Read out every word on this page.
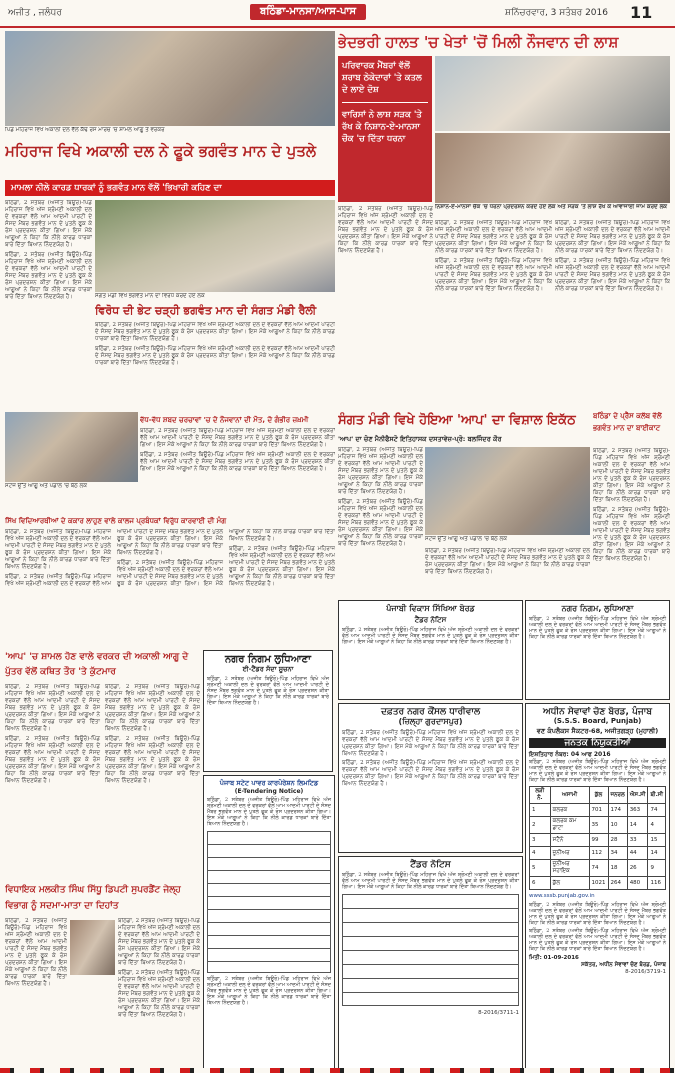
ਅਜੀਤ , ਜਲੰਧਰ	ਬਠਿੰਡਾ-ਮਾਨਸਾ/ਆਸ-ਪਾਸ	ਸ਼ਨਿੱਚਰਵਾਰ, 3 ਸਤੰਬਰ 2016 11
ਪਿੰਡ ਮਹਿਰਾਜ ਵਿਖੇ ਅਕਾਲੀ ਦਲ ਵੱਲੋਂ ਕੱਢੇ ਰੋਸ ਮਾਰਚ 'ਚ ਸ਼ਾਮਲ ਆਗੂ ਤੇ ਵਰਕਰ
ਭੇਦਭਰੀ ਹਾਲਤ 'ਚ ਖੇਤਾਂ 'ਚੋਂ ਮਿਲੀ ਨੌਜਵਾਨ ਦੀ ਲਾਸ਼
ਪਰਿਵਾਰਕ ਮੈਂਬਰਾਂ ਵੱਲੋਂ ਸ਼ਰਾਬ ਠੇਕੇਦਾਰਾਂ 'ਤੇ ਕਤਲ ਦੇ ਲਾਏ ਦੋਸ਼
ਵਾਰਿਸਾਂ ਨੇ ਲਾਸ਼ ਸੜਕ 'ਤੇ ਰੱਖ ਕੇ ਨਿਸ਼ਾਨ-ਏ-ਮਾਨਸਾ ਚੌਕ 'ਚ ਦਿੱਤਾ ਧਰਨਾ
ਨਿਸ਼ਾਨ-ਏ-ਮਾਨਸਾ ਚੌਕ 'ਚ ਧਰਨਾ ਪ੍ਰਦਰਸ਼ਨ ਕਰਦੇ ਹੋਏ ਲੋਕ ਅਤੇ ਸੜਕ 'ਤੇ ਲਾਸ਼ ਰੱਖ ਕੇ ਆਵਾਜਾਈ ਜਾਮ ਕਰਦੇ ਲੋਕ

ਬਠਿੰਡਾ, 2 ਸਤੰਬਰ (ਅਜੀਤ ਬਿਊਰੋ)-ਪਿੰਡ ਮਹਿਰਾਜ ਵਿਖੇ ਅੱਜ ਸ਼੍ਰੋਮਣੀ ਅਕਾਲੀ ਦਲ ਦੇ ਵਰਕਰਾਂ ਵੱਲੋਂ ਆਮ ਆਦਮੀ ਪਾਰਟੀ ਦੇ ਸੰਸਦ ਮੈਂਬਰ ਭਗਵੰਤ ਮਾਨ ਦੇ ਪੁਤਲੇ ਫੂਕ ਕੇ ਰੋਸ ਪ੍ਰਦਰਸ਼ਨ ਕੀਤਾ ਗਿਆ। ਇਸ ਮੌਕੇ ਆਗੂਆਂ ਨੇ ਕਿਹਾ ਕਿ ਨੀਲੇ ਕਾਰਡ ਧਾਰਕਾਂ ਬਾਰੇ ਦਿੱਤਾ ਬਿਆਨ ਨਿੰਦਣਯੋਗ ਹੈ।

ਬਠਿੰਡਾ, 2 ਸਤੰਬਰ (ਅਜੀਤ ਬਿਊਰੋ)-ਪਿੰਡ ਮਹਿਰਾਜ ਵਿਖੇ ਅੱਜ ਸ਼੍ਰੋਮਣੀ ਅਕਾਲੀ ਦਲ ਦੇ ਵਰਕਰਾਂ ਵੱਲੋਂ ਆਮ ਆਦਮੀ ਪਾਰਟੀ ਦੇ ਸੰਸਦ ਮੈਂਬਰ ਭਗਵੰਤ ਮਾਨ ਦੇ ਪੁਤਲੇ ਫੂਕ ਕੇ ਰੋਸ ਪ੍ਰਦਰਸ਼ਨ ਕੀਤਾ ਗਿਆ। ਇਸ ਮੌਕੇ ਆਗੂਆਂ ਨੇ ਕਿਹਾ ਕਿ ਨੀਲੇ ਕਾਰਡ ਧਾਰਕਾਂ ਬਾਰੇ ਦਿੱਤਾ ਬਿਆਨ ਨਿੰਦਣਯੋਗ ਹੈ।

ਬਠਿੰਡਾ, 2 ਸਤੰਬਰ (ਅਜੀਤ ਬਿਊਰੋ)-ਪਿੰਡ ਮਹਿਰਾਜ ਵਿਖੇ ਅੱਜ ਸ਼੍ਰੋਮਣੀ ਅਕਾਲੀ ਦਲ ਦੇ ਵਰਕਰਾਂ ਵੱਲੋਂ ਆਮ ਆਦਮੀ ਪਾਰਟੀ ਦੇ ਸੰਸਦ ਮੈਂਬਰ ਭਗਵੰਤ ਮਾਨ ਦੇ ਪੁਤਲੇ ਫੂਕ ਕੇ ਰੋਸ ਪ੍ਰਦਰਸ਼ਨ ਕੀਤਾ ਗਿਆ। ਇਸ ਮੌਕੇ ਆਗੂਆਂ ਨੇ ਕਿਹਾ ਕਿ ਨੀਲੇ ਕਾਰਡ ਧਾਰਕਾਂ ਬਾਰੇ ਦਿੱਤਾ ਬਿਆਨ ਨਿੰਦਣਯੋਗ ਹੈ।

ਬਠਿੰਡਾ, 2 ਸਤੰਬਰ (ਅਜੀਤ ਬਿਊਰੋ)-ਪਿੰਡ ਮਹਿਰਾਜ ਵਿਖੇ ਅੱਜ ਸ਼੍ਰੋਮਣੀ ਅਕਾਲੀ ਦਲ ਦੇ ਵਰਕਰਾਂ ਵੱਲੋਂ ਆਮ ਆਦਮੀ ਪਾਰਟੀ ਦੇ ਸੰਸਦ ਮੈਂਬਰ ਭਗਵੰਤ ਮਾਨ ਦੇ ਪੁਤਲੇ ਫੂਕ ਕੇ ਰੋਸ ਪ੍ਰਦਰਸ਼ਨ ਕੀਤਾ ਗਿਆ। ਇਸ ਮੌਕੇ ਆਗੂਆਂ ਨੇ ਕਿਹਾ ਕਿ ਨੀਲੇ ਕਾਰਡ ਧਾਰਕਾਂ ਬਾਰੇ ਦਿੱਤਾ ਬਿਆਨ ਨਿੰਦਣਯੋਗ ਹੈ।

ਬਠਿੰਡਾ, 2 ਸਤੰਬਰ (ਅਜੀਤ ਬਿਊਰੋ)-ਪਿੰਡ ਮਹਿਰਾਜ ਵਿਖੇ ਅੱਜ ਸ਼੍ਰੋਮਣੀ ਅਕਾਲੀ ਦਲ ਦੇ ਵਰਕਰਾਂ ਵੱਲੋਂ ਆਮ ਆਦਮੀ ਪਾਰਟੀ ਦੇ ਸੰਸਦ ਮੈਂਬਰ ਭਗਵੰਤ ਮਾਨ ਦੇ ਪੁਤਲੇ ਫੂਕ ਕੇ ਰੋਸ ਪ੍ਰਦਰਸ਼ਨ ਕੀਤਾ ਗਿਆ। ਇਸ ਮੌਕੇ ਆਗੂਆਂ ਨੇ ਕਿਹਾ ਕਿ ਨੀਲੇ ਕਾਰਡ ਧਾਰਕਾਂ ਬਾਰੇ ਦਿੱਤਾ ਬਿਆਨ ਨਿੰਦਣਯੋਗ ਹੈ।

ਮਹਿਰਾਜ ਵਿਖੇ ਅਕਾਲੀ ਦਲ ਨੇ ਫੂਕੇ ਭਗਵੰਤ ਮਾਨ ਦੇ ਪੁਤਲੇ
ਮਾਮਲਾ ਨੀਲੇ ਕਾਰਡ ਧਾਰਕਾਂ ਨੂੰ ਭਗਵੰਤ ਮਾਨ ਵੱਲੋਂ 'ਭਿਖਾਰੀ ਕਹਿਣ ਦਾ

ਬਠਿੰਡਾ, 2 ਸਤੰਬਰ (ਅਜੀਤ ਬਿਊਰੋ)-ਪਿੰਡ ਮਹਿਰਾਜ ਵਿਖੇ ਅੱਜ ਸ਼੍ਰੋਮਣੀ ਅਕਾਲੀ ਦਲ ਦੇ ਵਰਕਰਾਂ ਵੱਲੋਂ ਆਮ ਆਦਮੀ ਪਾਰਟੀ ਦੇ ਸੰਸਦ ਮੈਂਬਰ ਭਗਵੰਤ ਮਾਨ ਦੇ ਪੁਤਲੇ ਫੂਕ ਕੇ ਰੋਸ ਪ੍ਰਦਰਸ਼ਨ ਕੀਤਾ ਗਿਆ। ਇਸ ਮੌਕੇ ਆਗੂਆਂ ਨੇ ਕਿਹਾ ਕਿ ਨੀਲੇ ਕਾਰਡ ਧਾਰਕਾਂ ਬਾਰੇ ਦਿੱਤਾ ਬਿਆਨ ਨਿੰਦਣਯੋਗ ਹੈ।

ਬਠਿੰਡਾ, 2 ਸਤੰਬਰ (ਅਜੀਤ ਬਿਊਰੋ)-ਪਿੰਡ ਮਹਿਰਾਜ ਵਿਖੇ ਅੱਜ ਸ਼੍ਰੋਮਣੀ ਅਕਾਲੀ ਦਲ ਦੇ ਵਰਕਰਾਂ ਵੱਲੋਂ ਆਮ ਆਦਮੀ ਪਾਰਟੀ ਦੇ ਸੰਸਦ ਮੈਂਬਰ ਭਗਵੰਤ ਮਾਨ ਦੇ ਪੁਤਲੇ ਫੂਕ ਕੇ ਰੋਸ ਪ੍ਰਦਰਸ਼ਨ ਕੀਤਾ ਗਿਆ। ਇਸ ਮੌਕੇ ਆਗੂਆਂ ਨੇ ਕਿਹਾ ਕਿ ਨੀਲੇ ਕਾਰਡ ਧਾਰਕਾਂ ਬਾਰੇ ਦਿੱਤਾ ਬਿਆਨ ਨਿੰਦਣਯੋਗ ਹੈ।	ਸੰਗਤ ਮੰਡੀ ਵਿਖੇ ਭਗਵੰਤ ਮਾਨ ਦਾ ਵਿਰੋਧ ਕਰਦੇ ਹੋਏ ਲੋਕ
ਵਿਰੋਧ ਦੀ ਭੇਟ ਚੜ੍ਹੀ ਭਗਵੰਤ ਮਾਨ ਦੀ ਸੰਗਤ ਮੰਡੀ ਰੈਲੀ

ਬਠਿੰਡਾ, 2 ਸਤੰਬਰ (ਅਜੀਤ ਬਿਊਰੋ)-ਪਿੰਡ ਮਹਿਰਾਜ ਵਿਖੇ ਅੱਜ ਸ਼੍ਰੋਮਣੀ ਅਕਾਲੀ ਦਲ ਦੇ ਵਰਕਰਾਂ ਵੱਲੋਂ ਆਮ ਆਦਮੀ ਪਾਰਟੀ ਦੇ ਸੰਸਦ ਮੈਂਬਰ ਭਗਵੰਤ ਮਾਨ ਦੇ ਪੁਤਲੇ ਫੂਕ ਕੇ ਰੋਸ ਪ੍ਰਦਰਸ਼ਨ ਕੀਤਾ ਗਿਆ। ਇਸ ਮੌਕੇ ਆਗੂਆਂ ਨੇ ਕਿਹਾ ਕਿ ਨੀਲੇ ਕਾਰਡ ਧਾਰਕਾਂ ਬਾਰੇ ਦਿੱਤਾ ਬਿਆਨ ਨਿੰਦਣਯੋਗ ਹੈ।

ਬਠਿੰਡਾ, 2 ਸਤੰਬਰ (ਅਜੀਤ ਬਿਊਰੋ)-ਪਿੰਡ ਮਹਿਰਾਜ ਵਿਖੇ ਅੱਜ ਸ਼੍ਰੋਮਣੀ ਅਕਾਲੀ ਦਲ ਦੇ ਵਰਕਰਾਂ ਵੱਲੋਂ ਆਮ ਆਦਮੀ ਪਾਰਟੀ ਦੇ ਸੰਸਦ ਮੈਂਬਰ ਭਗਵੰਤ ਮਾਨ ਦੇ ਪੁਤਲੇ ਫੂਕ ਕੇ ਰੋਸ ਪ੍ਰਦਰਸ਼ਨ ਕੀਤਾ ਗਿਆ। ਇਸ ਮੌਕੇ ਆਗੂਆਂ ਨੇ ਕਿਹਾ ਕਿ ਨੀਲੇ ਕਾਰਡ ਧਾਰਕਾਂ ਬਾਰੇ ਦਿੱਤਾ ਬਿਆਨ ਨਿੰਦਣਯੋਗ ਹੈ।

ਸਟੇਜ ਉੱਤੇ ਆਗੂ ਅਤੇ ਪੰਡਾਲ 'ਚ ਬੈਠੇ ਲੋਕ
ਵੱਧ-ਵੱਧ ਸ਼ਬਦ ਚਰਚਾਵਾਂ 'ਚ ਦੋ ਨੌਜਵਾਨਾਂ ਦੀ ਮੌਤ, ਦੋ ਗੰਭੀਰ ਜ਼ਖ਼ਮੀ

ਬਠਿੰਡਾ, 2 ਸਤੰਬਰ (ਅਜੀਤ ਬਿਊਰੋ)-ਪਿੰਡ ਮਹਿਰਾਜ ਵਿਖੇ ਅੱਜ ਸ਼੍ਰੋਮਣੀ ਅਕਾਲੀ ਦਲ ਦੇ ਵਰਕਰਾਂ ਵੱਲੋਂ ਆਮ ਆਦਮੀ ਪਾਰਟੀ ਦੇ ਸੰਸਦ ਮੈਂਬਰ ਭਗਵੰਤ ਮਾਨ ਦੇ ਪੁਤਲੇ ਫੂਕ ਕੇ ਰੋਸ ਪ੍ਰਦਰਸ਼ਨ ਕੀਤਾ ਗਿਆ। ਇਸ ਮੌਕੇ ਆਗੂਆਂ ਨੇ ਕਿਹਾ ਕਿ ਨੀਲੇ ਕਾਰਡ ਧਾਰਕਾਂ ਬਾਰੇ ਦਿੱਤਾ ਬਿਆਨ ਨਿੰਦਣਯੋਗ ਹੈ।

ਬਠਿੰਡਾ, 2 ਸਤੰਬਰ (ਅਜੀਤ ਬਿਊਰੋ)-ਪਿੰਡ ਮਹਿਰਾਜ ਵਿਖੇ ਅੱਜ ਸ਼੍ਰੋਮਣੀ ਅਕਾਲੀ ਦਲ ਦੇ ਵਰਕਰਾਂ ਵੱਲੋਂ ਆਮ ਆਦਮੀ ਪਾਰਟੀ ਦੇ ਸੰਸਦ ਮੈਂਬਰ ਭਗਵੰਤ ਮਾਨ ਦੇ ਪੁਤਲੇ ਫੂਕ ਕੇ ਰੋਸ ਪ੍ਰਦਰਸ਼ਨ ਕੀਤਾ ਗਿਆ। ਇਸ ਮੌਕੇ ਆਗੂਆਂ ਨੇ ਕਿਹਾ ਕਿ ਨੀਲੇ ਕਾਰਡ ਧਾਰਕਾਂ ਬਾਰੇ ਦਿੱਤਾ ਬਿਆਨ ਨਿੰਦਣਯੋਗ ਹੈ।

ਸਿੱਖ ਵਿਦਿਆਰਥੀਆਂ ਦੇ ਕਕਾਰ ਲਾਹੁਣ ਵਾਲੇ ਕਾਲਜ ਪ੍ਰਬੰਧਕਾਂ ਵਿਰੁੱਧ ਕਾਰਵਾਈ ਦੀ ਮੰਗ

ਬਠਿੰਡਾ, 2 ਸਤੰਬਰ (ਅਜੀਤ ਬਿਊਰੋ)-ਪਿੰਡ ਮਹਿਰਾਜ ਵਿਖੇ ਅੱਜ ਸ਼੍ਰੋਮਣੀ ਅਕਾਲੀ ਦਲ ਦੇ ਵਰਕਰਾਂ ਵੱਲੋਂ ਆਮ ਆਦਮੀ ਪਾਰਟੀ ਦੇ ਸੰਸਦ ਮੈਂਬਰ ਭਗਵੰਤ ਮਾਨ ਦੇ ਪੁਤਲੇ ਫੂਕ ਕੇ ਰੋਸ ਪ੍ਰਦਰਸ਼ਨ ਕੀਤਾ ਗਿਆ। ਇਸ ਮੌਕੇ ਆਗੂਆਂ ਨੇ ਕਿਹਾ ਕਿ ਨੀਲੇ ਕਾਰਡ ਧਾਰਕਾਂ ਬਾਰੇ ਦਿੱਤਾ ਬਿਆਨ ਨਿੰਦਣਯੋਗ ਹੈ।

ਬਠਿੰਡਾ, 2 ਸਤੰਬਰ (ਅਜੀਤ ਬਿਊਰੋ)-ਪਿੰਡ ਮਹਿਰਾਜ ਵਿਖੇ ਅੱਜ ਸ਼੍ਰੋਮਣੀ ਅਕਾਲੀ ਦਲ ਦੇ ਵਰਕਰਾਂ ਵੱਲੋਂ ਆਮ ਆਦਮੀ ਪਾਰਟੀ ਦੇ ਸੰਸਦ ਮੈਂਬਰ ਭਗਵੰਤ ਮਾਨ ਦੇ ਪੁਤਲੇ ਫੂਕ ਕੇ ਰੋਸ ਪ੍ਰਦਰਸ਼ਨ ਕੀਤਾ ਗਿਆ। ਇਸ ਮੌਕੇ ਆਗੂਆਂ ਨੇ ਕਿਹਾ ਕਿ ਨੀਲੇ ਕਾਰਡ ਧਾਰਕਾਂ ਬਾਰੇ ਦਿੱਤਾ ਬਿਆਨ ਨਿੰਦਣਯੋਗ ਹੈ।

ਬਠਿੰਡਾ, 2 ਸਤੰਬਰ (ਅਜੀਤ ਬਿਊਰੋ)-ਪਿੰਡ ਮਹਿਰਾਜ ਵਿਖੇ ਅੱਜ ਸ਼੍ਰੋਮਣੀ ਅਕਾਲੀ ਦਲ ਦੇ ਵਰਕਰਾਂ ਵੱਲੋਂ ਆਮ ਆਦਮੀ ਪਾਰਟੀ ਦੇ ਸੰਸਦ ਮੈਂਬਰ ਭਗਵੰਤ ਮਾਨ ਦੇ ਪੁਤਲੇ ਫੂਕ ਕੇ ਰੋਸ ਪ੍ਰਦਰਸ਼ਨ ਕੀਤਾ ਗਿਆ। ਇਸ ਮੌਕੇ ਆਗੂਆਂ ਨੇ ਕਿਹਾ ਕਿ ਨੀਲੇ ਕਾਰਡ ਧਾਰਕਾਂ ਬਾਰੇ ਦਿੱਤਾ ਬਿਆਨ ਨਿੰਦਣਯੋਗ ਹੈ।

ਬਠਿੰਡਾ, 2 ਸਤੰਬਰ (ਅਜੀਤ ਬਿਊਰੋ)-ਪਿੰਡ ਮਹਿਰਾਜ ਵਿਖੇ ਅੱਜ ਸ਼੍ਰੋਮਣੀ ਅਕਾਲੀ ਦਲ ਦੇ ਵਰਕਰਾਂ ਵੱਲੋਂ ਆਮ ਆਦਮੀ ਪਾਰਟੀ ਦੇ ਸੰਸਦ ਮੈਂਬਰ ਭਗਵੰਤ ਮਾਨ ਦੇ ਪੁਤਲੇ ਫੂਕ ਕੇ ਰੋਸ ਪ੍ਰਦਰਸ਼ਨ ਕੀਤਾ ਗਿਆ। ਇਸ ਮੌਕੇ ਆਗੂਆਂ ਨੇ ਕਿਹਾ ਕਿ ਨੀਲੇ ਕਾਰਡ ਧਾਰਕਾਂ ਬਾਰੇ ਦਿੱਤਾ ਬਿਆਨ ਨਿੰਦਣਯੋਗ ਹੈ।

'ਆਪ' 'ਚ ਸ਼ਾਮਲ ਹੋਣ ਵਾਲੇ ਵਰਕਰ ਦੀ ਅਕਾਲੀ ਆਗੂ ਦੇ ਪੁੱਤਰ ਵੱਲੋਂ ਕਥਿਤ ਤੌਰ 'ਤੇ ਕੁੱਟਮਾਰ

ਬਠਿੰਡਾ, 2 ਸਤੰਬਰ (ਅਜੀਤ ਬਿਊਰੋ)-ਪਿੰਡ ਮਹਿਰਾਜ ਵਿਖੇ ਅੱਜ ਸ਼੍ਰੋਮਣੀ ਅਕਾਲੀ ਦਲ ਦੇ ਵਰਕਰਾਂ ਵੱਲੋਂ ਆਮ ਆਦਮੀ ਪਾਰਟੀ ਦੇ ਸੰਸਦ ਮੈਂਬਰ ਭਗਵੰਤ ਮਾਨ ਦੇ ਪੁਤਲੇ ਫੂਕ ਕੇ ਰੋਸ ਪ੍ਰਦਰਸ਼ਨ ਕੀਤਾ ਗਿਆ। ਇਸ ਮੌਕੇ ਆਗੂਆਂ ਨੇ ਕਿਹਾ ਕਿ ਨੀਲੇ ਕਾਰਡ ਧਾਰਕਾਂ ਬਾਰੇ ਦਿੱਤਾ ਬਿਆਨ ਨਿੰਦਣਯੋਗ ਹੈ।

ਬਠਿੰਡਾ, 2 ਸਤੰਬਰ (ਅਜੀਤ ਬਿਊਰੋ)-ਪਿੰਡ ਮਹਿਰਾਜ ਵਿਖੇ ਅੱਜ ਸ਼੍ਰੋਮਣੀ ਅਕਾਲੀ ਦਲ ਦੇ ਵਰਕਰਾਂ ਵੱਲੋਂ ਆਮ ਆਦਮੀ ਪਾਰਟੀ ਦੇ ਸੰਸਦ ਮੈਂਬਰ ਭਗਵੰਤ ਮਾਨ ਦੇ ਪੁਤਲੇ ਫੂਕ ਕੇ ਰੋਸ ਪ੍ਰਦਰਸ਼ਨ ਕੀਤਾ ਗਿਆ। ਇਸ ਮੌਕੇ ਆਗੂਆਂ ਨੇ ਕਿਹਾ ਕਿ ਨੀਲੇ ਕਾਰਡ ਧਾਰਕਾਂ ਬਾਰੇ ਦਿੱਤਾ ਬਿਆਨ ਨਿੰਦਣਯੋਗ ਹੈ।

ਬਠਿੰਡਾ, 2 ਸਤੰਬਰ (ਅਜੀਤ ਬਿਊਰੋ)-ਪਿੰਡ ਮਹਿਰਾਜ ਵਿਖੇ ਅੱਜ ਸ਼੍ਰੋਮਣੀ ਅਕਾਲੀ ਦਲ ਦੇ ਵਰਕਰਾਂ ਵੱਲੋਂ ਆਮ ਆਦਮੀ ਪਾਰਟੀ ਦੇ ਸੰਸਦ ਮੈਂਬਰ ਭਗਵੰਤ ਮਾਨ ਦੇ ਪੁਤਲੇ ਫੂਕ ਕੇ ਰੋਸ ਪ੍ਰਦਰਸ਼ਨ ਕੀਤਾ ਗਿਆ। ਇਸ ਮੌਕੇ ਆਗੂਆਂ ਨੇ ਕਿਹਾ ਕਿ ਨੀਲੇ ਕਾਰਡ ਧਾਰਕਾਂ ਬਾਰੇ ਦਿੱਤਾ ਬਿਆਨ ਨਿੰਦਣਯੋਗ ਹੈ।

ਬਠਿੰਡਾ, 2 ਸਤੰਬਰ (ਅਜੀਤ ਬਿਊਰੋ)-ਪਿੰਡ ਮਹਿਰਾਜ ਵਿਖੇ ਅੱਜ ਸ਼੍ਰੋਮਣੀ ਅਕਾਲੀ ਦਲ ਦੇ ਵਰਕਰਾਂ ਵੱਲੋਂ ਆਮ ਆਦਮੀ ਪਾਰਟੀ ਦੇ ਸੰਸਦ ਮੈਂਬਰ ਭਗਵੰਤ ਮਾਨ ਦੇ ਪੁਤਲੇ ਫੂਕ ਕੇ ਰੋਸ ਪ੍ਰਦਰਸ਼ਨ ਕੀਤਾ ਗਿਆ। ਇਸ ਮੌਕੇ ਆਗੂਆਂ ਨੇ ਕਿਹਾ ਕਿ ਨੀਲੇ ਕਾਰਡ ਧਾਰਕਾਂ ਬਾਰੇ ਦਿੱਤਾ ਬਿਆਨ ਨਿੰਦਣਯੋਗ ਹੈ।

ਵਿਧਾਇਕ ਮਲਕੀਤ ਸਿੰਘ ਸਿੱਧੂ ਡਿਪਟੀ ਸੁਪਰਡੈਂਟ ਜੇਲ੍ਹ ਵਿਭਾਗ ਨੂੰ ਸਦਮਾ-ਮਾਤਾ ਦਾ ਦਿਹਾਂਤ

ਬਠਿੰਡਾ, 2 ਸਤੰਬਰ (ਅਜੀਤ ਬਿਊਰੋ)-ਪਿੰਡ ਮਹਿਰਾਜ ਵਿਖੇ ਅੱਜ ਸ਼੍ਰੋਮਣੀ ਅਕਾਲੀ ਦਲ ਦੇ ਵਰਕਰਾਂ ਵੱਲੋਂ ਆਮ ਆਦਮੀ ਪਾਰਟੀ ਦੇ ਸੰਸਦ ਮੈਂਬਰ ਭਗਵੰਤ ਮਾਨ ਦੇ ਪੁਤਲੇ ਫੂਕ ਕੇ ਰੋਸ ਪ੍ਰਦਰਸ਼ਨ ਕੀਤਾ ਗਿਆ। ਇਸ ਮੌਕੇ ਆਗੂਆਂ ਨੇ ਕਿਹਾ ਕਿ ਨੀਲੇ ਕਾਰਡ ਧਾਰਕਾਂ ਬਾਰੇ ਦਿੱਤਾ ਬਿਆਨ ਨਿੰਦਣਯੋਗ ਹੈ।

ਬਠਿੰਡਾ, 2 ਸਤੰਬਰ (ਅਜੀਤ ਬਿਊਰੋ)-ਪਿੰਡ ਮਹਿਰਾਜ ਵਿਖੇ ਅੱਜ ਸ਼੍ਰੋਮਣੀ ਅਕਾਲੀ ਦਲ ਦੇ ਵਰਕਰਾਂ ਵੱਲੋਂ ਆਮ ਆਦਮੀ ਪਾਰਟੀ ਦੇ ਸੰਸਦ ਮੈਂਬਰ ਭਗਵੰਤ ਮਾਨ ਦੇ ਪੁਤਲੇ ਫੂਕ ਕੇ ਰੋਸ ਪ੍ਰਦਰਸ਼ਨ ਕੀਤਾ ਗਿਆ। ਇਸ ਮੌਕੇ ਆਗੂਆਂ ਨੇ ਕਿਹਾ ਕਿ ਨੀਲੇ ਕਾਰਡ ਧਾਰਕਾਂ ਬਾਰੇ ਦਿੱਤਾ ਬਿਆਨ ਨਿੰਦਣਯੋਗ ਹੈ।

ਬਠਿੰਡਾ, 2 ਸਤੰਬਰ (ਅਜੀਤ ਬਿਊਰੋ)-ਪਿੰਡ ਮਹਿਰਾਜ ਵਿਖੇ ਅੱਜ ਸ਼੍ਰੋਮਣੀ ਅਕਾਲੀ ਦਲ ਦੇ ਵਰਕਰਾਂ ਵੱਲੋਂ ਆਮ ਆਦਮੀ ਪਾਰਟੀ ਦੇ ਸੰਸਦ ਮੈਂਬਰ ਭਗਵੰਤ ਮਾਨ ਦੇ ਪੁਤਲੇ ਫੂਕ ਕੇ ਰੋਸ ਪ੍ਰਦਰਸ਼ਨ ਕੀਤਾ ਗਿਆ। ਇਸ ਮੌਕੇ ਆਗੂਆਂ ਨੇ ਕਿਹਾ ਕਿ ਨੀਲੇ ਕਾਰਡ ਧਾਰਕਾਂ ਬਾਰੇ ਦਿੱਤਾ ਬਿਆਨ ਨਿੰਦਣਯੋਗ ਹੈ।

ਨਗਰ ਨਿਗਮ ਲੁਧਿਆਣਾ
ਈ-ਟੈਂਡਰ ਸੱਦਾ ਸੂਚਨਾ
ਬਠਿੰਡਾ, 2 ਸਤੰਬਰ (ਅਜੀਤ ਬਿਊਰੋ)-ਪਿੰਡ ਮਹਿਰਾਜ ਵਿਖੇ ਅੱਜ ਸ਼੍ਰੋਮਣੀ ਅਕਾਲੀ ਦਲ ਦੇ ਵਰਕਰਾਂ ਵੱਲੋਂ ਆਮ ਆਦਮੀ ਪਾਰਟੀ ਦੇ ਸੰਸਦ ਮੈਂਬਰ ਭਗਵੰਤ ਮਾਨ ਦੇ ਪੁਤਲੇ ਫੂਕ ਕੇ ਰੋਸ ਪ੍ਰਦਰਸ਼ਨ ਕੀਤਾ ਗਿਆ। ਇਸ ਮੌਕੇ ਆਗੂਆਂ ਨੇ ਕਿਹਾ ਕਿ ਨੀਲੇ ਕਾਰਡ ਧਾਰਕਾਂ ਬਾਰੇ ਦਿੱਤਾ ਬਿਆਨ ਨਿੰਦਣਯੋਗ ਹੈ।
ਪੰਜਾਬ ਸਟੇਟ ਪਾਵਰ ਕਾਰਪੋਰੇਸ਼ਨ ਲਿਮਟਿਡ
(E-Tendering Notice)
ਬਠਿੰਡਾ, 2 ਸਤੰਬਰ (ਅਜੀਤ ਬਿਊਰੋ)-ਪਿੰਡ ਮਹਿਰਾਜ ਵਿਖੇ ਅੱਜ ਸ਼੍ਰੋਮਣੀ ਅਕਾਲੀ ਦਲ ਦੇ ਵਰਕਰਾਂ ਵੱਲੋਂ ਆਮ ਆਦਮੀ ਪਾਰਟੀ ਦੇ ਸੰਸਦ ਮੈਂਬਰ ਭਗਵੰਤ ਮਾਨ ਦੇ ਪੁਤਲੇ ਫੂਕ ਕੇ ਰੋਸ ਪ੍ਰਦਰਸ਼ਨ ਕੀਤਾ ਗਿਆ। ਇਸ ਮੌਕੇ ਆਗੂਆਂ ਨੇ ਕਿਹਾ ਕਿ ਨੀਲੇ ਕਾਰਡ ਧਾਰਕਾਂ ਬਾਰੇ ਦਿੱਤਾ ਬਿਆਨ ਨਿੰਦਣਯੋਗ ਹੈ।
ਬਠਿੰਡਾ, 2 ਸਤੰਬਰ (ਅਜੀਤ ਬਿਊਰੋ)-ਪਿੰਡ ਮਹਿਰਾਜ ਵਿਖੇ ਅੱਜ ਸ਼੍ਰੋਮਣੀ ਅਕਾਲੀ ਦਲ ਦੇ ਵਰਕਰਾਂ ਵੱਲੋਂ ਆਮ ਆਦਮੀ ਪਾਰਟੀ ਦੇ ਸੰਸਦ ਮੈਂਬਰ ਭਗਵੰਤ ਮਾਨ ਦੇ ਪੁਤਲੇ ਫੂਕ ਕੇ ਰੋਸ ਪ੍ਰਦਰਸ਼ਨ ਕੀਤਾ ਗਿਆ। ਇਸ ਮੌਕੇ ਆਗੂਆਂ ਨੇ ਕਿਹਾ ਕਿ ਨੀਲੇ ਕਾਰਡ ਧਾਰਕਾਂ ਬਾਰੇ ਦਿੱਤਾ ਬਿਆਨ ਨਿੰਦਣਯੋਗ ਹੈ।
ਸੰਗਤ ਮੰਡੀ ਵਿਖੇ ਹੋਇਆ 'ਆਪ' ਦਾ ਵਿਸ਼ਾਲ ਇਕੱਠ
'ਆਪ' ਦਾ ਚੋਣ ਮੈਨੀਫੈਸਟੋ ਇਤਿਹਾਸਕ ਦਸਤਾਵੇਜ਼-ਪ੍ਰੋ: ਬਲਜਿੰਦਰ ਕੌਰ

ਬਠਿੰਡਾ, 2 ਸਤੰਬਰ (ਅਜੀਤ ਬਿਊਰੋ)-ਪਿੰਡ ਮਹਿਰਾਜ ਵਿਖੇ ਅੱਜ ਸ਼੍ਰੋਮਣੀ ਅਕਾਲੀ ਦਲ ਦੇ ਵਰਕਰਾਂ ਵੱਲੋਂ ਆਮ ਆਦਮੀ ਪਾਰਟੀ ਦੇ ਸੰਸਦ ਮੈਂਬਰ ਭਗਵੰਤ ਮਾਨ ਦੇ ਪੁਤਲੇ ਫੂਕ ਕੇ ਰੋਸ ਪ੍ਰਦਰਸ਼ਨ ਕੀਤਾ ਗਿਆ। ਇਸ ਮੌਕੇ ਆਗੂਆਂ ਨੇ ਕਿਹਾ ਕਿ ਨੀਲੇ ਕਾਰਡ ਧਾਰਕਾਂ ਬਾਰੇ ਦਿੱਤਾ ਬਿਆਨ ਨਿੰਦਣਯੋਗ ਹੈ।

ਬਠਿੰਡਾ, 2 ਸਤੰਬਰ (ਅਜੀਤ ਬਿਊਰੋ)-ਪਿੰਡ ਮਹਿਰਾਜ ਵਿਖੇ ਅੱਜ ਸ਼੍ਰੋਮਣੀ ਅਕਾਲੀ ਦਲ ਦੇ ਵਰਕਰਾਂ ਵੱਲੋਂ ਆਮ ਆਦਮੀ ਪਾਰਟੀ ਦੇ ਸੰਸਦ ਮੈਂਬਰ ਭਗਵੰਤ ਮਾਨ ਦੇ ਪੁਤਲੇ ਫੂਕ ਕੇ ਰੋਸ ਪ੍ਰਦਰਸ਼ਨ ਕੀਤਾ ਗਿਆ। ਇਸ ਮੌਕੇ ਆਗੂਆਂ ਨੇ ਕਿਹਾ ਕਿ ਨੀਲੇ ਕਾਰਡ ਧਾਰਕਾਂ ਬਾਰੇ ਦਿੱਤਾ ਬਿਆਨ ਨਿੰਦਣਯੋਗ ਹੈ।

ਸਟੇਜ ਉੱਤੇ ਆਗੂ ਅਤੇ ਪੰਡਾਲ 'ਚ ਬੈਠੇ ਲੋਕ

ਬਠਿੰਡਾ, 2 ਸਤੰਬਰ (ਅਜੀਤ ਬਿਊਰੋ)-ਪਿੰਡ ਮਹਿਰਾਜ ਵਿਖੇ ਅੱਜ ਸ਼੍ਰੋਮਣੀ ਅਕਾਲੀ ਦਲ ਦੇ ਵਰਕਰਾਂ ਵੱਲੋਂ ਆਮ ਆਦਮੀ ਪਾਰਟੀ ਦੇ ਸੰਸਦ ਮੈਂਬਰ ਭਗਵੰਤ ਮਾਨ ਦੇ ਪੁਤਲੇ ਫੂਕ ਕੇ ਰੋਸ ਪ੍ਰਦਰਸ਼ਨ ਕੀਤਾ ਗਿਆ। ਇਸ ਮੌਕੇ ਆਗੂਆਂ ਨੇ ਕਿਹਾ ਕਿ ਨੀਲੇ ਕਾਰਡ ਧਾਰਕਾਂ ਬਾਰੇ ਦਿੱਤਾ ਬਿਆਨ ਨਿੰਦਣਯੋਗ ਹੈ।

ਬਠਿੰਡਾ ਦੇ ਪ੍ਰੈੱਸ ਕਲੱਬ ਵੱਲੋਂ ਭਗਵੰਤ ਮਾਨ ਦਾ ਬਾਈਕਾਟ

ਬਠਿੰਡਾ, 2 ਸਤੰਬਰ (ਅਜੀਤ ਬਿਊਰੋ)-ਪਿੰਡ ਮਹਿਰਾਜ ਵਿਖੇ ਅੱਜ ਸ਼੍ਰੋਮਣੀ ਅਕਾਲੀ ਦਲ ਦੇ ਵਰਕਰਾਂ ਵੱਲੋਂ ਆਮ ਆਦਮੀ ਪਾਰਟੀ ਦੇ ਸੰਸਦ ਮੈਂਬਰ ਭਗਵੰਤ ਮਾਨ ਦੇ ਪੁਤਲੇ ਫੂਕ ਕੇ ਰੋਸ ਪ੍ਰਦਰਸ਼ਨ ਕੀਤਾ ਗਿਆ। ਇਸ ਮੌਕੇ ਆਗੂਆਂ ਨੇ ਕਿਹਾ ਕਿ ਨੀਲੇ ਕਾਰਡ ਧਾਰਕਾਂ ਬਾਰੇ ਦਿੱਤਾ ਬਿਆਨ ਨਿੰਦਣਯੋਗ ਹੈ।

ਬਠਿੰਡਾ, 2 ਸਤੰਬਰ (ਅਜੀਤ ਬਿਊਰੋ)-ਪਿੰਡ ਮਹਿਰਾਜ ਵਿਖੇ ਅੱਜ ਸ਼੍ਰੋਮਣੀ ਅਕਾਲੀ ਦਲ ਦੇ ਵਰਕਰਾਂ ਵੱਲੋਂ ਆਮ ਆਦਮੀ ਪਾਰਟੀ ਦੇ ਸੰਸਦ ਮੈਂਬਰ ਭਗਵੰਤ ਮਾਨ ਦੇ ਪੁਤਲੇ ਫੂਕ ਕੇ ਰੋਸ ਪ੍ਰਦਰਸ਼ਨ ਕੀਤਾ ਗਿਆ। ਇਸ ਮੌਕੇ ਆਗੂਆਂ ਨੇ ਕਿਹਾ ਕਿ ਨੀਲੇ ਕਾਰਡ ਧਾਰਕਾਂ ਬਾਰੇ ਦਿੱਤਾ ਬਿਆਨ ਨਿੰਦਣਯੋਗ ਹੈ।

ਪੰਜਾਬੀ ਵਿਕਾਸ ਸਿੱਖਿਆ ਬੋਰਡ
ਟੈਂਡਰ ਨੋਟਿਸ
ਬਠਿੰਡਾ, 2 ਸਤੰਬਰ (ਅਜੀਤ ਬਿਊਰੋ)-ਪਿੰਡ ਮਹਿਰਾਜ ਵਿਖੇ ਅੱਜ ਸ਼੍ਰੋਮਣੀ ਅਕਾਲੀ ਦਲ ਦੇ ਵਰਕਰਾਂ ਵੱਲੋਂ ਆਮ ਆਦਮੀ ਪਾਰਟੀ ਦੇ ਸੰਸਦ ਮੈਂਬਰ ਭਗਵੰਤ ਮਾਨ ਦੇ ਪੁਤਲੇ ਫੂਕ ਕੇ ਰੋਸ ਪ੍ਰਦਰਸ਼ਨ ਕੀਤਾ ਗਿਆ। ਇਸ ਮੌਕੇ ਆਗੂਆਂ ਨੇ ਕਿਹਾ ਕਿ ਨੀਲੇ ਕਾਰਡ ਧਾਰਕਾਂ ਬਾਰੇ ਦਿੱਤਾ ਬਿਆਨ ਨਿੰਦਣਯੋਗ ਹੈ।
ਨਗਰ ਨਿਗਮ, ਲੁਧਿਆਣਾ
ਬਠਿੰਡਾ, 2 ਸਤੰਬਰ (ਅਜੀਤ ਬਿਊਰੋ)-ਪਿੰਡ ਮਹਿਰਾਜ ਵਿਖੇ ਅੱਜ ਸ਼੍ਰੋਮਣੀ ਅਕਾਲੀ ਦਲ ਦੇ ਵਰਕਰਾਂ ਵੱਲੋਂ ਆਮ ਆਦਮੀ ਪਾਰਟੀ ਦੇ ਸੰਸਦ ਮੈਂਬਰ ਭਗਵੰਤ ਮਾਨ ਦੇ ਪੁਤਲੇ ਫੂਕ ਕੇ ਰੋਸ ਪ੍ਰਦਰਸ਼ਨ ਕੀਤਾ ਗਿਆ। ਇਸ ਮੌਕੇ ਆਗੂਆਂ ਨੇ ਕਿਹਾ ਕਿ ਨੀਲੇ ਕਾਰਡ ਧਾਰਕਾਂ ਬਾਰੇ ਦਿੱਤਾ ਬਿਆਨ ਨਿੰਦਣਯੋਗ ਹੈ।
ਦਫ਼ਤਰ ਨਗਰ ਕੌਂਸਲ ਧਾਰੀਵਾਲ
(ਜ਼ਿਲ੍ਹਾ ਗੁਰਦਾਸਪੁਰ)
ਬਠਿੰਡਾ, 2 ਸਤੰਬਰ (ਅਜੀਤ ਬਿਊਰੋ)-ਪਿੰਡ ਮਹਿਰਾਜ ਵਿਖੇ ਅੱਜ ਸ਼੍ਰੋਮਣੀ ਅਕਾਲੀ ਦਲ ਦੇ ਵਰਕਰਾਂ ਵੱਲੋਂ ਆਮ ਆਦਮੀ ਪਾਰਟੀ ਦੇ ਸੰਸਦ ਮੈਂਬਰ ਭਗਵੰਤ ਮਾਨ ਦੇ ਪੁਤਲੇ ਫੂਕ ਕੇ ਰੋਸ ਪ੍ਰਦਰਸ਼ਨ ਕੀਤਾ ਗਿਆ। ਇਸ ਮੌਕੇ ਆਗੂਆਂ ਨੇ ਕਿਹਾ ਕਿ ਨੀਲੇ ਕਾਰਡ ਧਾਰਕਾਂ ਬਾਰੇ ਦਿੱਤਾ ਬਿਆਨ ਨਿੰਦਣਯੋਗ ਹੈ।
ਬਠਿੰਡਾ, 2 ਸਤੰਬਰ (ਅਜੀਤ ਬਿਊਰੋ)-ਪਿੰਡ ਮਹਿਰਾਜ ਵਿਖੇ ਅੱਜ ਸ਼੍ਰੋਮਣੀ ਅਕਾਲੀ ਦਲ ਦੇ ਵਰਕਰਾਂ ਵੱਲੋਂ ਆਮ ਆਦਮੀ ਪਾਰਟੀ ਦੇ ਸੰਸਦ ਮੈਂਬਰ ਭਗਵੰਤ ਮਾਨ ਦੇ ਪੁਤਲੇ ਫੂਕ ਕੇ ਰੋਸ ਪ੍ਰਦਰਸ਼ਨ ਕੀਤਾ ਗਿਆ। ਇਸ ਮੌਕੇ ਆਗੂਆਂ ਨੇ ਕਿਹਾ ਕਿ ਨੀਲੇ ਕਾਰਡ ਧਾਰਕਾਂ ਬਾਰੇ ਦਿੱਤਾ ਬਿਆਨ ਨਿੰਦਣਯੋਗ ਹੈ।
ਟੈਂਡਰ ਨੋਟਿਸ
ਬਠਿੰਡਾ, 2 ਸਤੰਬਰ (ਅਜੀਤ ਬਿਊਰੋ)-ਪਿੰਡ ਮਹਿਰਾਜ ਵਿਖੇ ਅੱਜ ਸ਼੍ਰੋਮਣੀ ਅਕਾਲੀ ਦਲ ਦੇ ਵਰਕਰਾਂ ਵੱਲੋਂ ਆਮ ਆਦਮੀ ਪਾਰਟੀ ਦੇ ਸੰਸਦ ਮੈਂਬਰ ਭਗਵੰਤ ਮਾਨ ਦੇ ਪੁਤਲੇ ਫੂਕ ਕੇ ਰੋਸ ਪ੍ਰਦਰਸ਼ਨ ਕੀਤਾ ਗਿਆ। ਇਸ ਮੌਕੇ ਆਗੂਆਂ ਨੇ ਕਿਹਾ ਕਿ ਨੀਲੇ ਕਾਰਡ ਧਾਰਕਾਂ ਬਾਰੇ ਦਿੱਤਾ ਬਿਆਨ ਨਿੰਦਣਯੋਗ ਹੈ।
8-2016/3711-1
ਅਧੀਨ ਸੇਵਾਵਾਂ ਚੋਣ ਬੋਰਡ, ਪੰਜਾਬ
(S.S.S. Board, Punjab)
ਵਣ ਕੰਪਲੈਕਸ ਸੈਕਟਰ-68, ਅਜੀਤਗੜ੍ਹ (ਮੁਹਾਲੀ)
ਜਨਤਕ ਨਿਯੁਕਤੀਆਂ
ਇਸ਼ਤਿਹਾਰ ਨੰਬਰ: 04 ਆਫ 2016
ਬਠਿੰਡਾ, 2 ਸਤੰਬਰ (ਅਜੀਤ ਬਿਊਰੋ)-ਪਿੰਡ ਮਹਿਰਾਜ ਵਿਖੇ ਅੱਜ ਸ਼੍ਰੋਮਣੀ ਅਕਾਲੀ ਦਲ ਦੇ ਵਰਕਰਾਂ ਵੱਲੋਂ ਆਮ ਆਦਮੀ ਪਾਰਟੀ ਦੇ ਸੰਸਦ ਮੈਂਬਰ ਭਗਵੰਤ ਮਾਨ ਦੇ ਪੁਤਲੇ ਫੂਕ ਕੇ ਰੋਸ ਪ੍ਰਦਰਸ਼ਨ ਕੀਤਾ ਗਿਆ। ਇਸ ਮੌਕੇ ਆਗੂਆਂ ਨੇ ਕਿਹਾ ਕਿ ਨੀਲੇ ਕਾਰਡ ਧਾਰਕਾਂ ਬਾਰੇ ਦਿੱਤਾ ਬਿਆਨ ਨਿੰਦਣਯੋਗ ਹੈ।
ਲੜੀ ਨੰ.	ਅਸਾਮੀ	ਕੁੱਲ	ਜਨਰਲ	ਐਸ.ਸੀ	ਬੀ.ਸੀ
1	ਕਲਰਕ	701	174	363	74
2	ਕਲਰਕ ਕਮ ਡਾਟਾ	35	10	14	4
3	ਸਟੈਨੋ	99	28	33	15
4	ਜੂਨੀਅਰ	112	34	44	14
5	ਜੂਨੀਅਰ ਸਹਾਇਕ	74	18	26	9
6	ਕੁੱਲ	1021	264	480	116
www.sssb.punjab.gov.in
ਬਠਿੰਡਾ, 2 ਸਤੰਬਰ (ਅਜੀਤ ਬਿਊਰੋ)-ਪਿੰਡ ਮਹਿਰਾਜ ਵਿਖੇ ਅੱਜ ਸ਼੍ਰੋਮਣੀ ਅਕਾਲੀ ਦਲ ਦੇ ਵਰਕਰਾਂ ਵੱਲੋਂ ਆਮ ਆਦਮੀ ਪਾਰਟੀ ਦੇ ਸੰਸਦ ਮੈਂਬਰ ਭਗਵੰਤ ਮਾਨ ਦੇ ਪੁਤਲੇ ਫੂਕ ਕੇ ਰੋਸ ਪ੍ਰਦਰਸ਼ਨ ਕੀਤਾ ਗਿਆ। ਇਸ ਮੌਕੇ ਆਗੂਆਂ ਨੇ ਕਿਹਾ ਕਿ ਨੀਲੇ ਕਾਰਡ ਧਾਰਕਾਂ ਬਾਰੇ ਦਿੱਤਾ ਬਿਆਨ ਨਿੰਦਣਯੋਗ ਹੈ।
ਬਠਿੰਡਾ, 2 ਸਤੰਬਰ (ਅਜੀਤ ਬਿਊਰੋ)-ਪਿੰਡ ਮਹਿਰਾਜ ਵਿਖੇ ਅੱਜ ਸ਼੍ਰੋਮਣੀ ਅਕਾਲੀ ਦਲ ਦੇ ਵਰਕਰਾਂ ਵੱਲੋਂ ਆਮ ਆਦਮੀ ਪਾਰਟੀ ਦੇ ਸੰਸਦ ਮੈਂਬਰ ਭਗਵੰਤ ਮਾਨ ਦੇ ਪੁਤਲੇ ਫੂਕ ਕੇ ਰੋਸ ਪ੍ਰਦਰਸ਼ਨ ਕੀਤਾ ਗਿਆ। ਇਸ ਮੌਕੇ ਆਗੂਆਂ ਨੇ ਕਿਹਾ ਕਿ ਨੀਲੇ ਕਾਰਡ ਧਾਰਕਾਂ ਬਾਰੇ ਦਿੱਤਾ ਬਿਆਨ ਨਿੰਦਣਯੋਗ ਹੈ।
ਮਿਤੀ: 01-09-2016
ਸਕੱਤਰ, ਅਧੀਨ ਸੇਵਾਵਾਂ ਚੋਣ ਬੋਰਡ, ਪੰਜਾਬ
8-2016/3719-1
